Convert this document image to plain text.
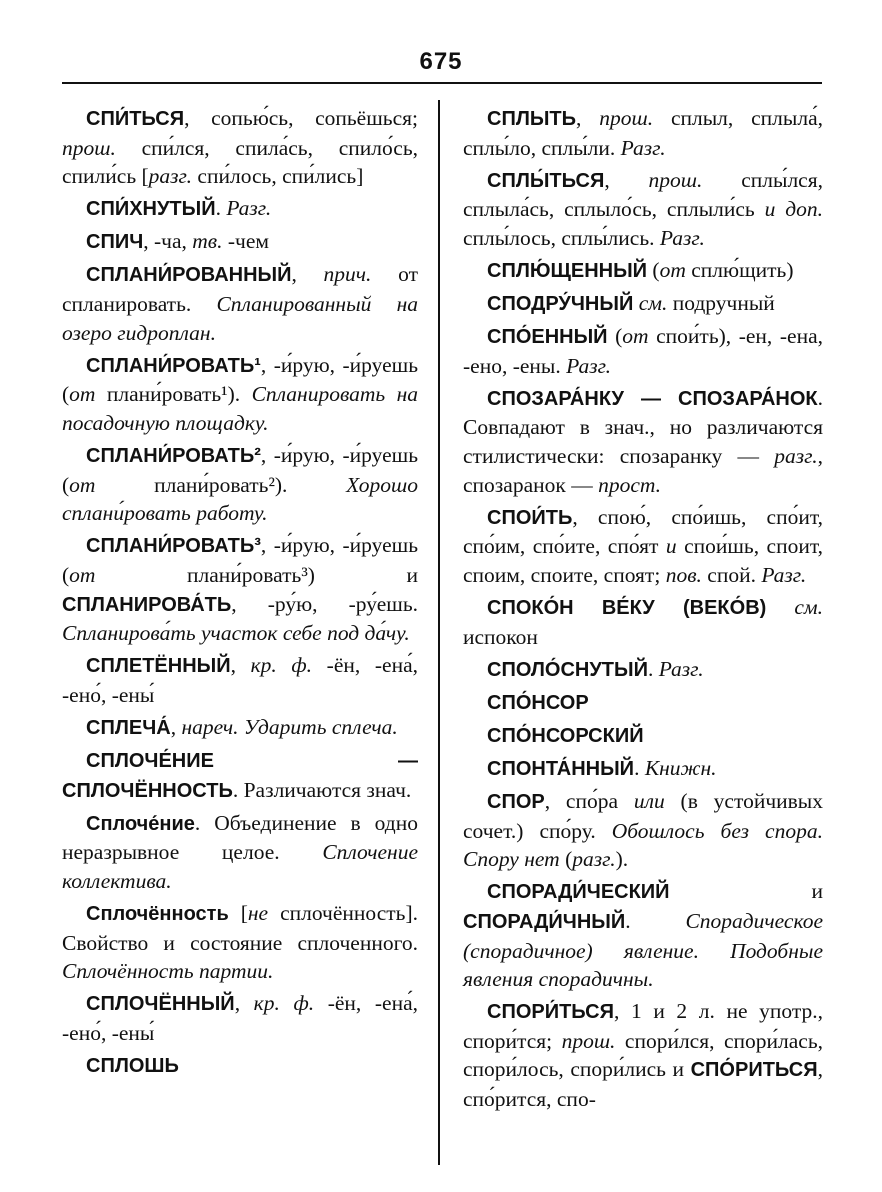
675

СПИ́ТЬСЯ, сопью́сь, сопьёшься; прош. спи́лся, спила́сь, спило́сь, спили́сь [разг. спи́лось, спи́лись]

СПИ́ХНУТЫЙ. Разг.

СПИЧ, -ча, тв. -чем

СПЛАНИ́РОВАННЫЙ, прич. от спланировать. Спланированный на озеро гидроплан.

СПЛАНИ́РОВАТЬ¹, -и́рую, -и́руешь (от плани́ровать¹). Спланировать на посадочную площадку.

СПЛАНИ́РОВАТЬ², -и́рую, -и́руешь (от плани́ровать²). Хорошо сплани́ровать работу.

СПЛАНИ́РОВАТЬ³, -и́рую, -и́руешь (от плани́ровать³) и СПЛАНИРОВА́ТЬ, -ру́ю, -ру́ешь. Спланирова́ть участок себе под да́чу.

СПЛЕТЁННЫЙ, кр. ф. -ён, -ена́, -ено́, -ены́

СПЛЕЧА́, нареч. Ударить сплеча.

СПЛОЧЕ́НИЕ — СПЛОЧЁННОСТЬ. Различаются знач.

Сплоче́ние. Объединение в одно неразрывное целое. Сплочение коллектива.

Сплочённость [не сплочённость]. Свойство и состояние сплоченного. Сплочённость партии.

СПЛОЧЁННЫЙ, кр. ф. -ён, -ена́, -ено́, -ены́

СПЛОШЬ

СПЛЫТЬ, прош. сплыл, сплыла́, сплы́ло, сплы́ли. Разг.

СПЛЫ́ТЬСЯ, прош. сплы́лся, сплыла́сь, сплыло́сь, сплыли́сь и доп. сплы́лось, сплы́лись. Разг.

СПЛЮ́ЩЕННЫЙ (от сплю́щить)

СПОДРУ́ЧНЫЙ см. подручный

СПО́ЕННЫЙ (от спои́ть), -ен, -ена, -ено, -ены. Разг.

СПОЗАРА́НКУ — СПОЗАРА́НОК. Совпадают в знач., но различаются стилистически: спозаранку — разг., спозаранок — прост.

СПОИ́ТЬ, спою́, спо́ишь, спо́ит, спо́им, спо́ите, спо́ят и спои́шь, споит, споим, споите, споят; пов. спой. Разг.

СПОКО́Н ВЕ́КУ (ВЕКО́В) см. испокон

СПОЛО́СНУТЫЙ. Разг.

СПО́НСОР

СПО́НСОРСКИЙ

СПОНТА́ННЫЙ. Книжн.

СПОР, спо́ра или (в устойчивых сочет.) спо́ру. Обошлось без спора. Спору нет (разг.).

СПОРАДИ́ЧЕСКИЙ и СПОРАДИ́ЧНЫЙ. Спорадическое (спорадичное) явление. Подобные явления спорадичны.

СПОРИ́ТЬСЯ, 1 и 2 л. не употр., спори́тся; прош. спори́лся, спори́лась, спори́лось, спори́лись и СПО́РИТЬСЯ, спо́рится, спо-
